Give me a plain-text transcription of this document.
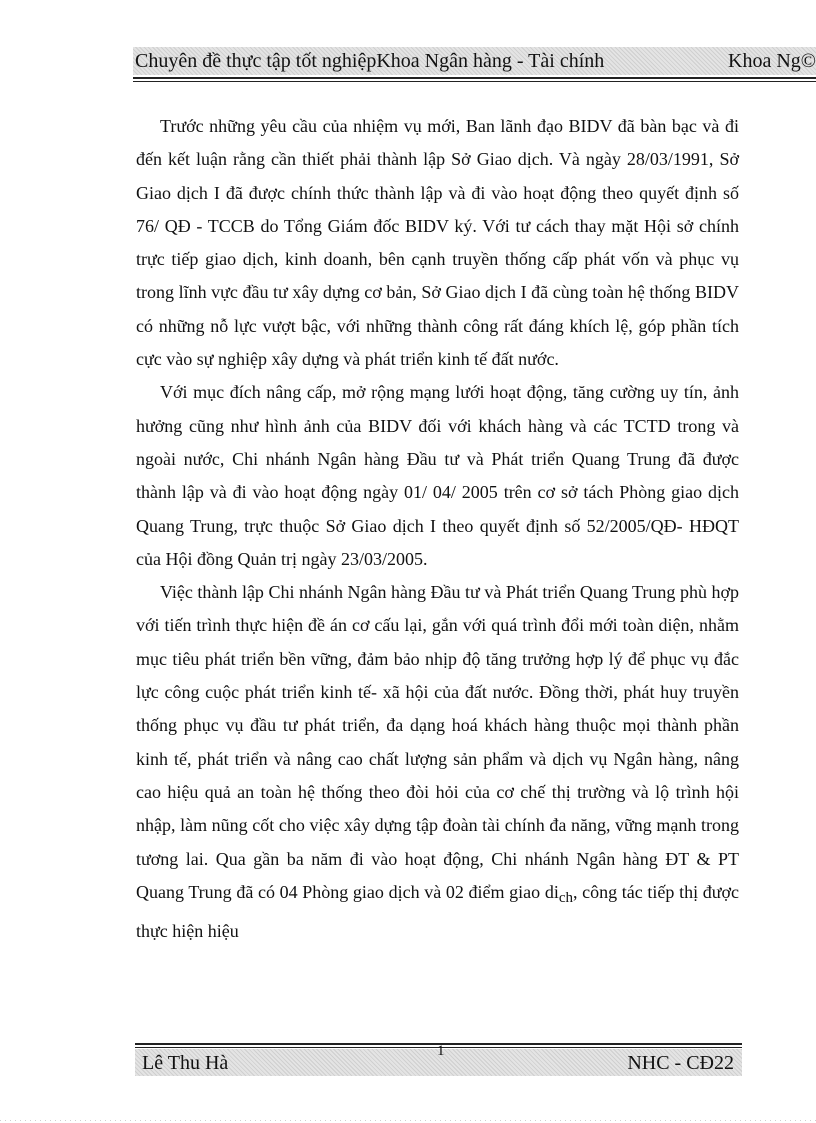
Chuyên đề thực tập tốt nghiệpKhoa Ngân hàng - Tài chính	Khoa Ng©

Trước những yêu cầu của nhiệm vụ mới, Ban lãnh đạo BIDV đã bàn bạc và đi đến kết luận rằng cần thiết phải thành lập Sở Giao dịch. Và ngày 28/03/1991, Sở Giao dịch I đã được chính thức thành lập và đi vào hoạt động theo quyết định số 76/ QĐ - TCCB do Tổng Giám đốc BIDV ký. Với tư cách thay mặt Hội sở chính trực tiếp giao dịch, kinh doanh, bên cạnh truyền thống cấp phát vốn và phục vụ trong lĩnh vực đầu tư xây dựng cơ bản, Sở Giao dịch I đã cùng toàn hệ thống BIDV có những nỗ lực vượt bậc, với những thành công rất đáng khích lệ, góp phần tích cực vào sự nghiệp xây dựng và phát triển kinh tế đất nước.

Với mục đích nâng cấp, mở rộng mạng lưới hoạt động, tăng cường uy tín, ảnh hưởng cũng như hình ảnh của BIDV đối với khách hàng và các TCTD trong và ngoài nước, Chi nhánh Ngân hàng Đầu tư và Phát triển Quang Trung đã được thành lập và đi vào hoạt động ngày 01/ 04/ 2005 trên cơ sở tách Phòng giao dịch Quang Trung, trực thuộc Sở Giao dịch I theo quyết định số 52/2005/QĐ- HĐQT của Hội đồng Quản trị ngày 23/03/2005.

Việc thành lập Chi nhánh Ngân hàng Đầu tư và Phát triển Quang Trung phù hợp với tiến trình thực hiện đề án cơ cấu lại, gắn với quá trình đổi mới toàn diện, nhằm mục tiêu phát triển bền vững, đảm bảo nhịp độ tăng trưởng hợp lý để phục vụ đắc lực công cuộc phát triển kinh tế- xã hội của đất nước. Đồng thời, phát huy truyền thống phục vụ đầu tư phát triển, đa dạng hoá khách hàng thuộc mọi thành phần kinh tế, phát triển và nâng cao chất lượng sản phẩm và dịch vụ Ngân hàng, nâng cao hiệu quả an toàn hệ thống theo đòi hỏi của cơ chế thị trường và lộ trình hội nhập, làm nũng cốt cho việc xây dựng tập đoàn tài chính đa năng, vững mạnh trong tương lai. Qua gần ba năm đi vào hoạt động, Chi nhánh Ngân hàng ĐT & PT Quang Trung đã có 04 Phòng giao dịch và 02 điểm giao $di_{ch}$, công tác tiếp thị được thực hiện hiệu

Lê Thu Hà	NHC - CĐ22
1
